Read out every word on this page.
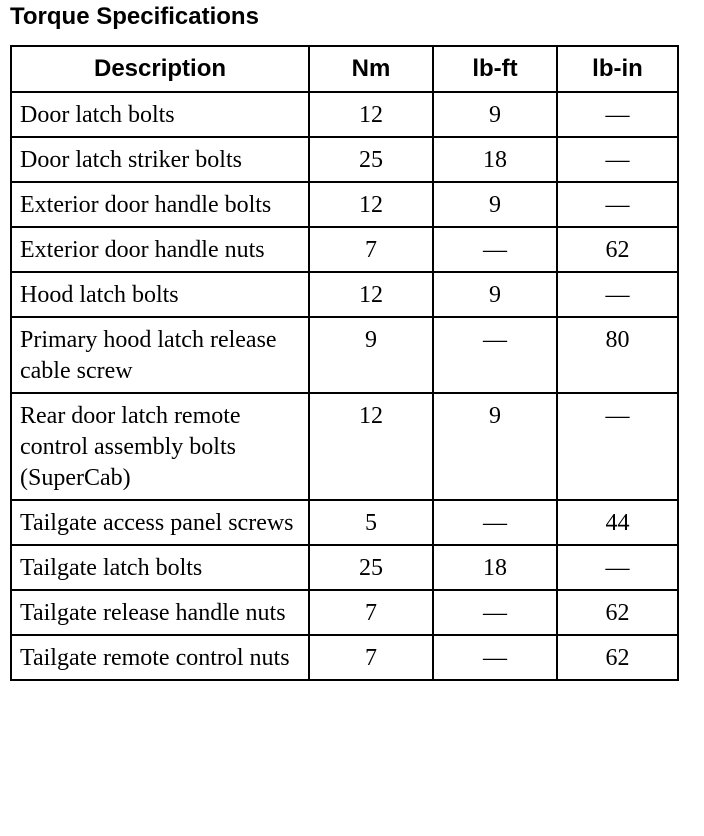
Torque Specifications
Description	Nm	lb-ft	lb-in
Door latch bolts	12	9	—
Door latch striker bolts	25	18	—
Exterior door handle bolts	12	9	—
Exterior door handle nuts	7	—	62
Hood latch bolts	12	9	—
Primary hood latch release cable screw	9	—	80
Rear door latch remote control assembly bolts (SuperCab)	12	9	—
Tailgate access panel screws	5	—	44
Tailgate latch bolts	25	18	—
Tailgate release handle nuts	7	—	62
Tailgate remote control nuts	7	—	62
